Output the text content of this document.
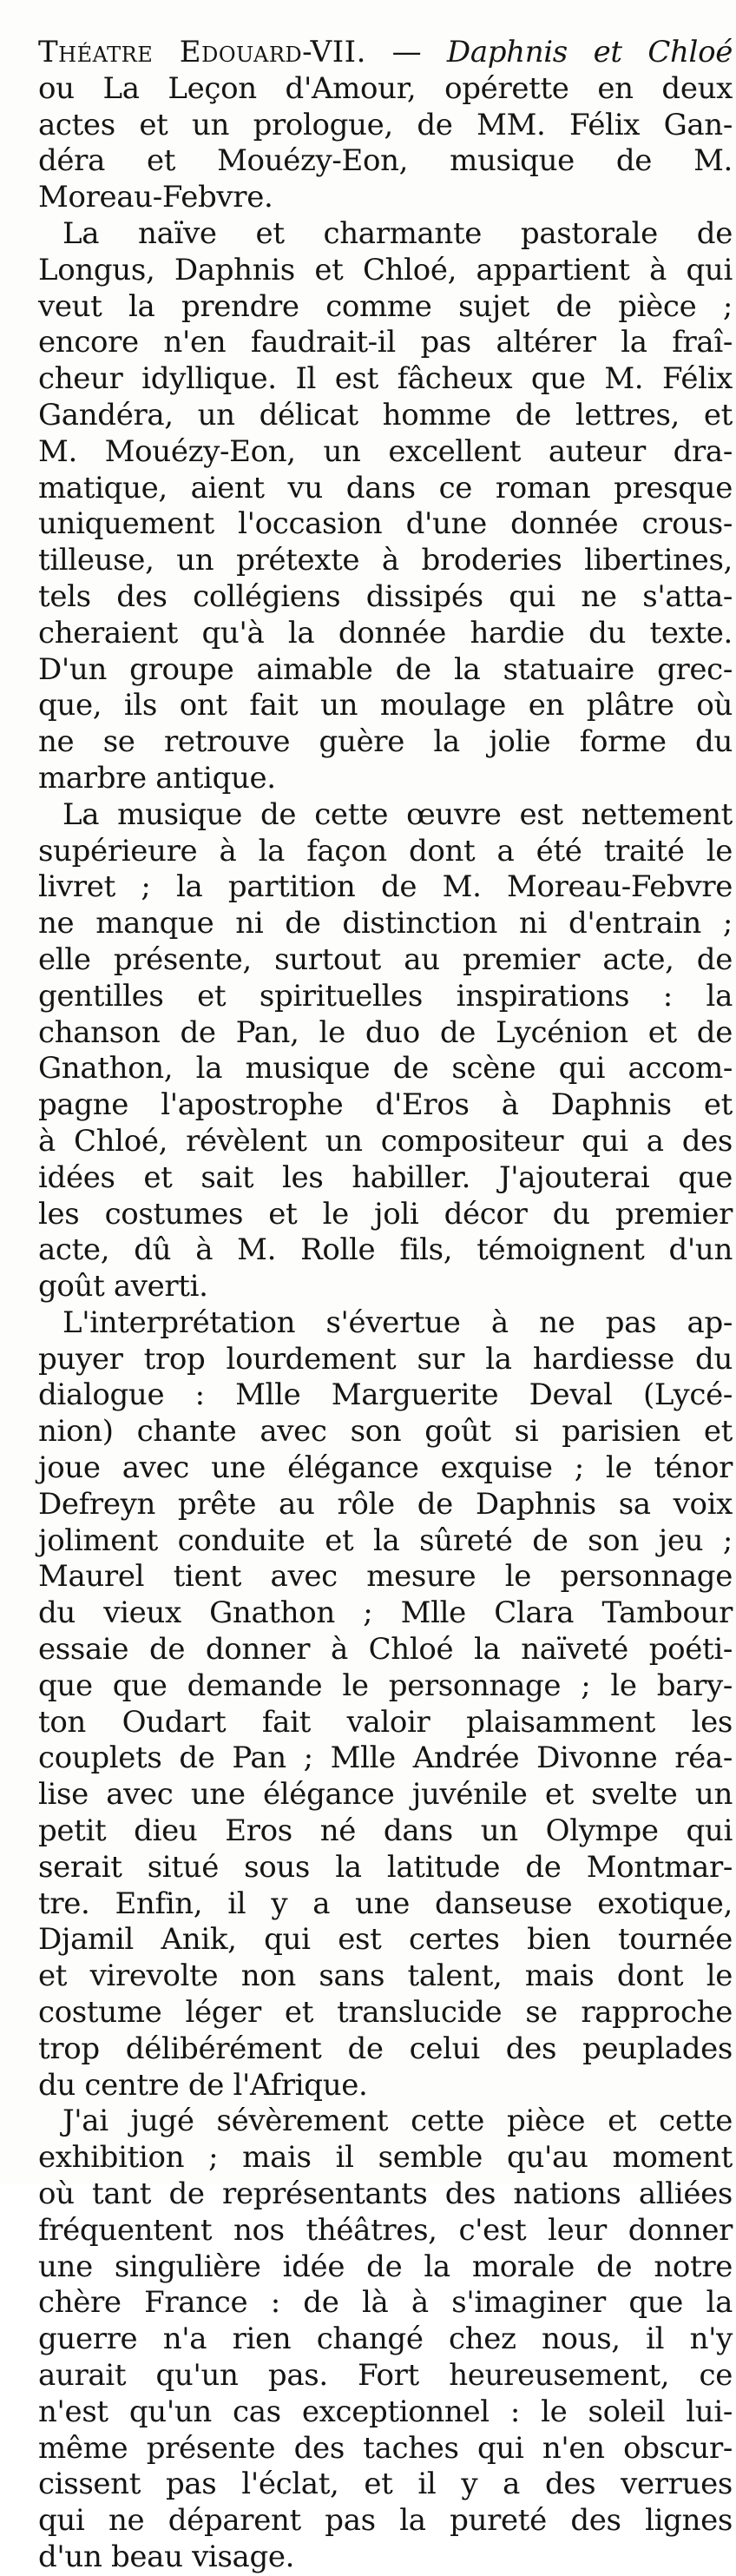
Théatre Edouard-VII. — Daphnis et Chloé
ou La Leçon d'Amour, opérette en deux
actes et un prologue, de MM. Félix Gan-
déra et Mouézy-Eon, musique de M.
Moreau-Febvre.
La naïve et charmante pastorale de
Longus, Daphnis et Chloé, appartient à qui
veut la prendre comme sujet de pièce ;
encore n'en faudrait-il pas altérer la fraî-
cheur idyllique. Il est fâcheux que M. Félix
Gandéra, un délicat homme de lettres, et
M. Mouézy-Eon, un excellent auteur dra-
matique, aient vu dans ce roman presque
uniquement l'occasion d'une donnée crous-
tilleuse, un prétexte à broderies libertines,
tels des collégiens dissipés qui ne s'atta-
cheraient qu'à la donnée hardie du texte.
D'un groupe aimable de la statuaire grec-
que, ils ont fait un moulage en plâtre où
ne se retrouve guère la jolie forme du
marbre antique.
La musique de cette œuvre est nettement
supérieure à la façon dont a été traité le
livret ; la partition de M. Moreau-Febvre
ne manque ni de distinction ni d'entrain ;
elle présente, surtout au premier acte, de
gentilles et spirituelles inspirations : la
chanson de Pan, le duo de Lycénion et de
Gnathon, la musique de scène qui accom-
pagne l'apostrophe d'Eros à Daphnis et
à Chloé, révèlent un compositeur qui a des
idées et sait les habiller. J'ajouterai que
les costumes et le joli décor du premier
acte, dû à M. Rolle fils, témoignent d'un
goût averti.
L'interprétation s'évertue à ne pas ap-
puyer trop lourdement sur la hardiesse du
dialogue : Mlle Marguerite Deval (Lycé-
nion) chante avec son goût si parisien et
joue avec une élégance exquise ; le ténor
Defreyn prête au rôle de Daphnis sa voix
joliment conduite et la sûreté de son jeu ;
Maurel tient avec mesure le personnage
du vieux Gnathon ; Mlle Clara Tambour
essaie de donner à Chloé la naïveté poéti-
que que demande le personnage ; le bary-
ton Oudart fait valoir plaisamment les
couplets de Pan ; Mlle Andrée Divonne réa-
lise avec une élégance juvénile et svelte un
petit dieu Eros né dans un Olympe qui
serait situé sous la latitude de Montmar-
tre. Enfin, il y a une danseuse exotique,
Djamil Anik, qui est certes bien tournée
et virevolte non sans talent, mais dont le
costume léger et translucide se rapproche
trop délibérément de celui des peuplades
du centre de l'Afrique.
J'ai jugé sévèrement cette pièce et cette
exhibition ; mais il semble qu'au moment
où tant de représentants des nations alliées
fréquentent nos théâtres, c'est leur donner
une singulière idée de la morale de notre
chère France : de là à s'imaginer que la
guerre n'a rien changé chez nous, il n'y
aurait qu'un pas. Fort heureusement, ce
n'est qu'un cas exceptionnel : le soleil lui-
même présente des taches qui n'en obscur-
cissent pas l'éclat, et il y a des verrues
qui ne déparent pas la pureté des lignes
d'un beau visage.
